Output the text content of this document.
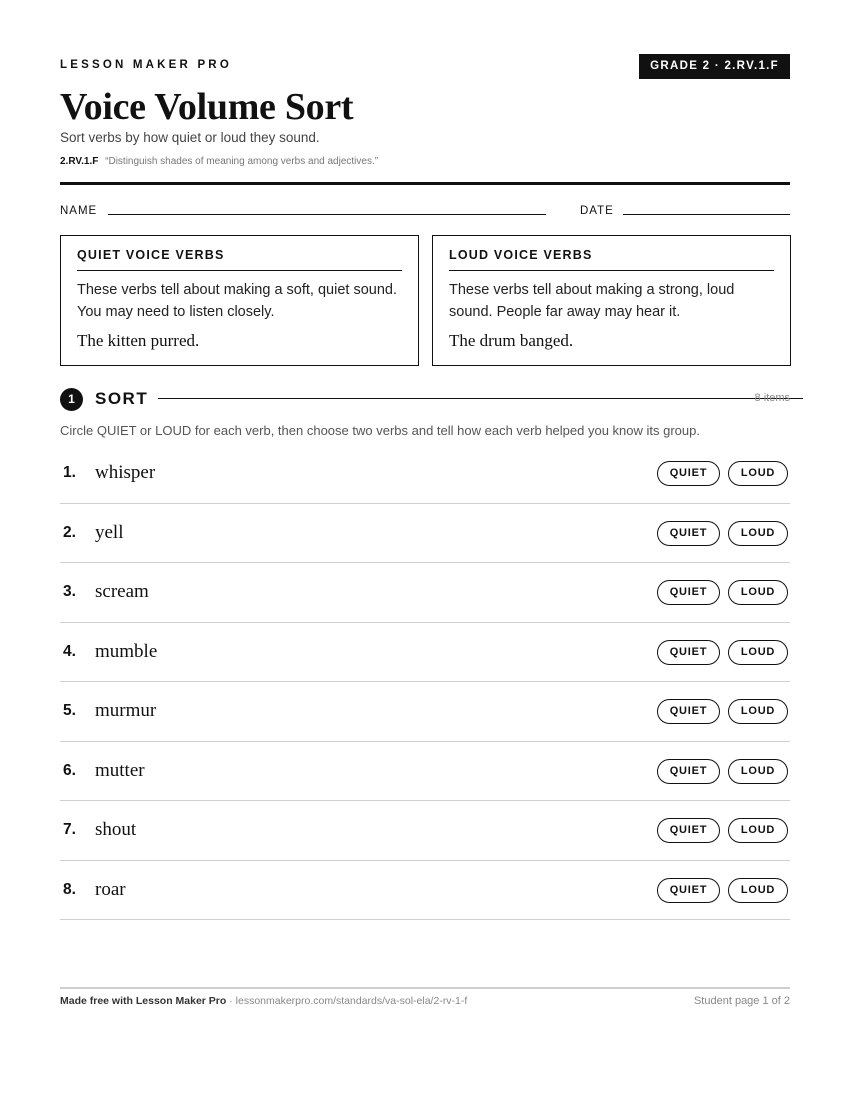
LESSON MAKER PRO	GRADE 2 · 2.RV.1.F
Voice Volume Sort
Sort verbs by how quiet or loud they sound.
2.RV.1.F “Distinguish shades of meaning among verbs and adjectives.”
NAME	DATE
QUIET VOICE VERBS
These verbs tell about making a soft, quiet sound. You may need to listen closely.
The kitten purred.
LOUD VOICE VERBS
These verbs tell about making a strong, loud sound. People far away may hear it.
The drum banged.
1	SORT	8 items
Circle QUIET or LOUD for each verb, then choose two verbs and tell how each verb helped you know its group.
1. whisper	QUIET	LOUD
2. yell	QUIET	LOUD
3. scream	QUIET	LOUD
4. mumble	QUIET	LOUD
5. murmur	QUIET	LOUD
6. mutter	QUIET	LOUD
7. shout	QUIET	LOUD
8. roar	QUIET	LOUD
Made free with Lesson Maker Pro · lessonmakerpro.com/standards/va-sol-ela/2-rv-1-f	Student page 1 of 2
